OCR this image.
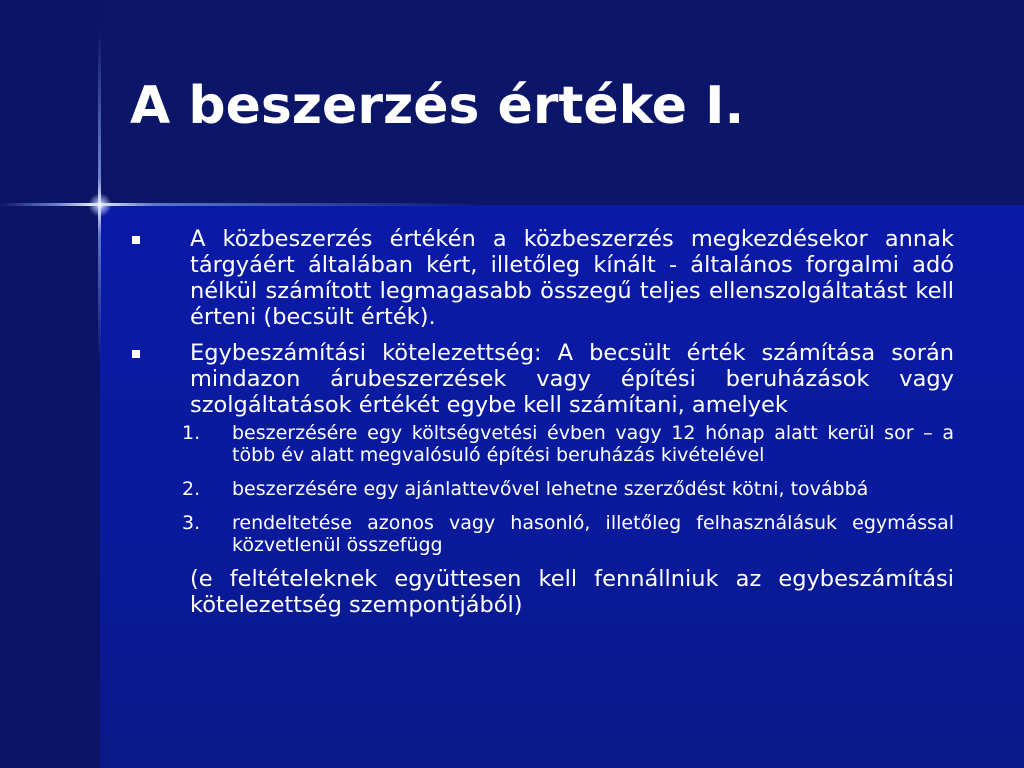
A beszerzés értéke I.
A közbeszerzés értékén a közbeszerzés megkezdésekor annak tárgyáért általában kért, illetőleg kínált - általános forgalmi adó nélkül számított legmagasabb összegű teljes ellenszolgáltatást kell érteni (becsült érték).
Egybeszámítási kötelezettség: A becsült érték számítása során mindazon árubeszerzések vagy építési beruházások vagy szolgáltatások értékét egybe kell számítani, amelyek
1.	beszerzésére egy költségvetési évben vagy 12 hónap alatt kerül sor – a több év alatt megvalósuló építési beruházás kivételével
2.	beszerzésére egy ajánlattevővel lehetne szerződést kötni, továbbá
3.	rendeltetése azonos vagy hasonló, illetőleg felhasználásuk egymással közvetlenül összefügg
(e feltételeknek együttesen kell fennállniuk az egybeszámítási kötelezettség szempontjából)
